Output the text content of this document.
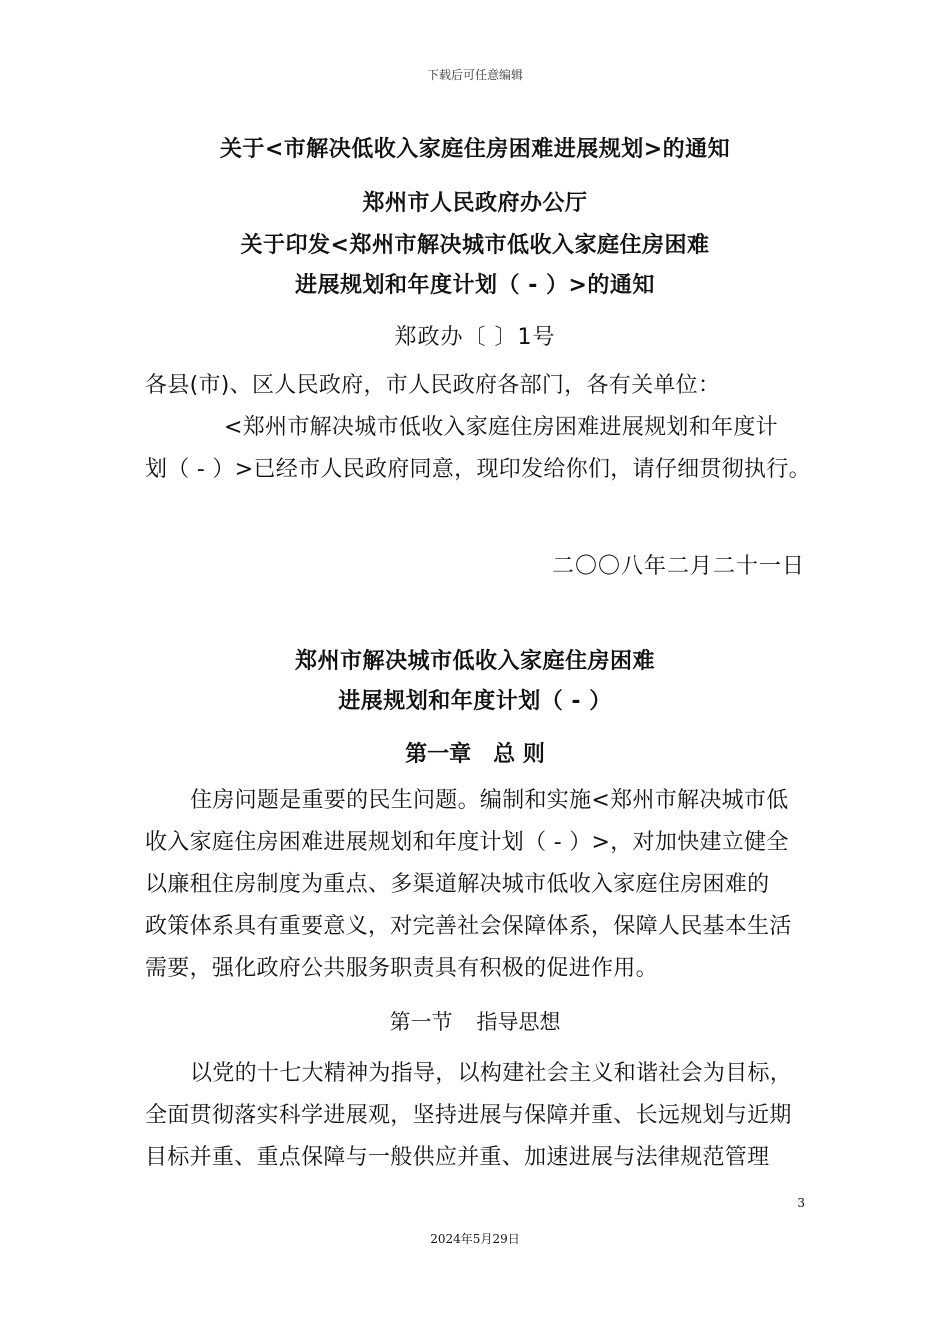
下载后可任意编辑
关于<市解决低收入家庭住房困难进展规划>的通知
郑州市人民政府办公厅
关于印发<郑州市解决城市低收入家庭住房困难
进展规划和年度计划（ - ）>的通知
郑政办〔 〕1号
各县(市)、区人民政府，市人民政府各部门，各有关单位：
<郑州市解决城市低收入家庭住房困难进展规划和年度计
划（ - ）>已经市人民政府同意，现印发给你们，请仔细贯彻执行。
二〇〇八年二月二十一日
郑州市解决城市低收入家庭住房困难
进展规划和年度计划（ - ）
第一章 总 则
住房问题是重要的民生问题。编制和实施<郑州市解决城市低
收入家庭住房困难进展规划和年度计划（ - ）>，对加快建立健全
以廉租住房制度为重点、多渠道解决城市低收入家庭住房困难的
政策体系具有重要意义，对完善社会保障体系，保障人民基本生活
需要，强化政府公共服务职责具有积极的促进作用。
第一节 指导思想
以党的十七大精神为指导，以构建社会主义和谐社会为目标，
全面贯彻落实科学进展观，坚持进展与保障并重、长远规划与近期
目标并重、重点保障与一般供应并重、加速进展与法律规范管理
3
2024年5月29日
